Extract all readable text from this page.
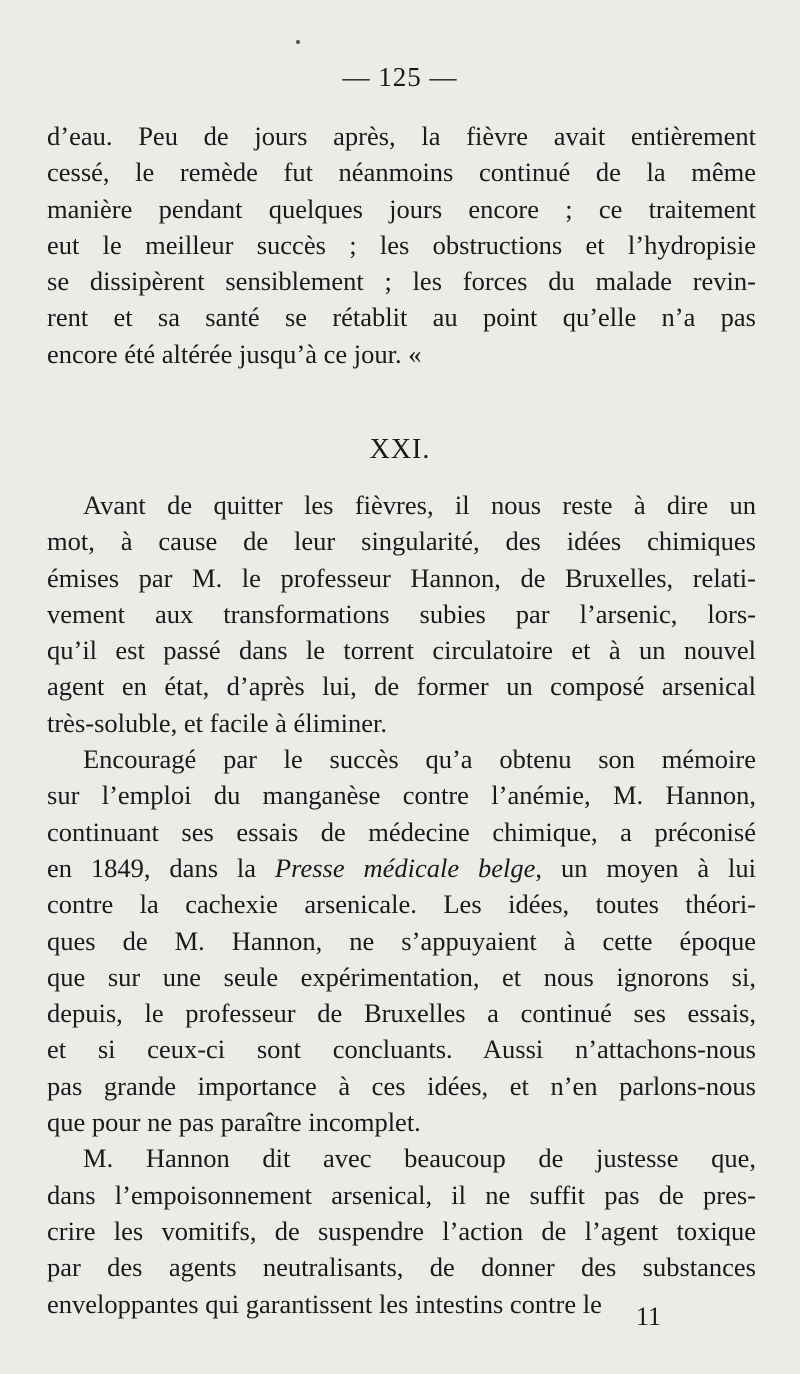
— 125 —
d’eau. Peu de jours après, la fièvre avait entièrement
cessé, le remède fut néanmoins continué de la même
manière pendant quelques jours encore ; ce traitement
eut le meilleur succès ; les obstructions et l’hydropisie
se dissipèrent sensiblement ; les forces du malade revin-
rent et sa santé se rétablit au point qu’elle n’a pas
encore été altérée jusqu’à ce jour. «
XXI.
Avant de quitter les fièvres, il nous reste à dire un
mot, à cause de leur singularité, des idées chimiques
émises par M. le professeur Hannon, de Bruxelles, relati-
vement aux transformations subies par l’arsenic, lors-
qu’il est passé dans le torrent circulatoire et à un nouvel
agent en état, d’après lui, de former un composé arsenical
très-soluble, et facile à éliminer.
Encouragé par le succès qu’a obtenu son mémoire
sur l’emploi du manganèse contre l’anémie, M. Hannon,
continuant ses essais de médecine chimique, a préconisé
en 1849, dans la Presse médicale belge, un moyen à lui
contre la cachexie arsenicale. Les idées, toutes théori-
ques de M. Hannon, ne s’appuyaient à cette époque
que sur une seule expérimentation, et nous ignorons si,
depuis, le professeur de Bruxelles a continué ses essais,
et si ceux-ci sont concluants. Aussi n’attachons-nous
pas grande importance à ces idées, et n’en parlons-nous
que pour ne pas paraître incomplet.
M. Hannon dit avec beaucoup de justesse que,
dans l’empoisonnement arsenical, il ne suffit pas de pres-
crire les vomitifs, de suspendre l’action de l’agent toxique
par des agents neutralisants, de donner des substances
enveloppantes qui garantissent les intestins contre le	11
